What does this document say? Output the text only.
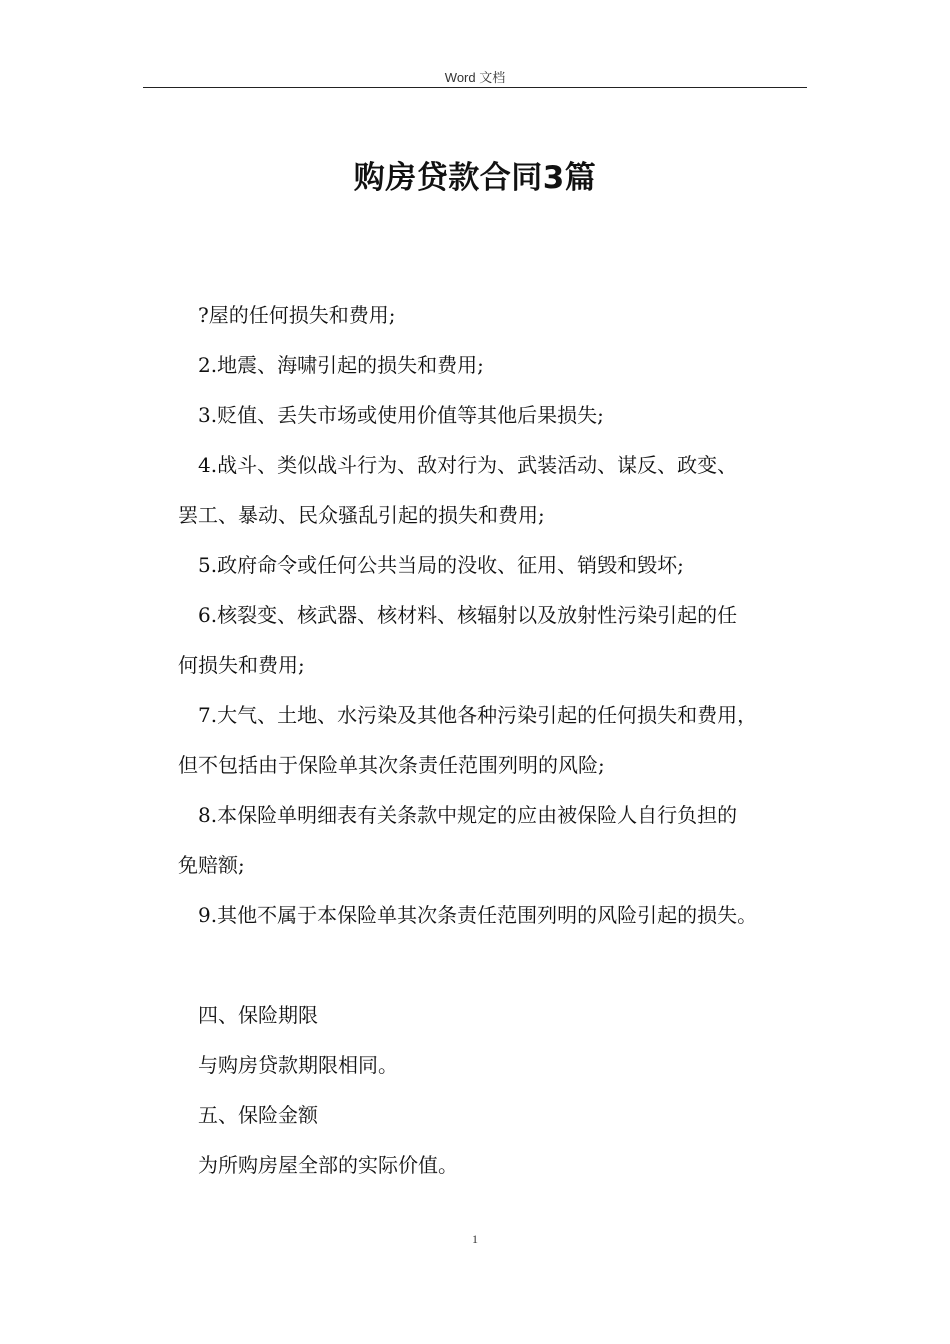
Word 文档
购房贷款合同3篇
?屋的任何损失和费用;
2.地震、海啸引起的损失和费用;
3.贬值、丢失市场或使用价值等其他后果损失;
4.战斗、类似战斗行为、敌对行为、武装活动、谋反、政变、
罢工、暴动、民众骚乱引起的损失和费用;
5.政府命令或任何公共当局的没收、征用、销毁和毁坏;
6.核裂变、核武器、核材料、核辐射以及放射性污染引起的任
何损失和费用;
7.大气、土地、水污染及其他各种污染引起的任何损失和费用，
但不包括由于保险单其次条责任范围列明的风险;
8.本保险单明细表有关条款中规定的应由被保险人自行负担的
免赔额;
9.其他不属于本保险单其次条责任范围列明的风险引起的损失。
四、保险期限
与购房贷款期限相同。
五、保险金额
为所购房屋全部的实际价值。
1
